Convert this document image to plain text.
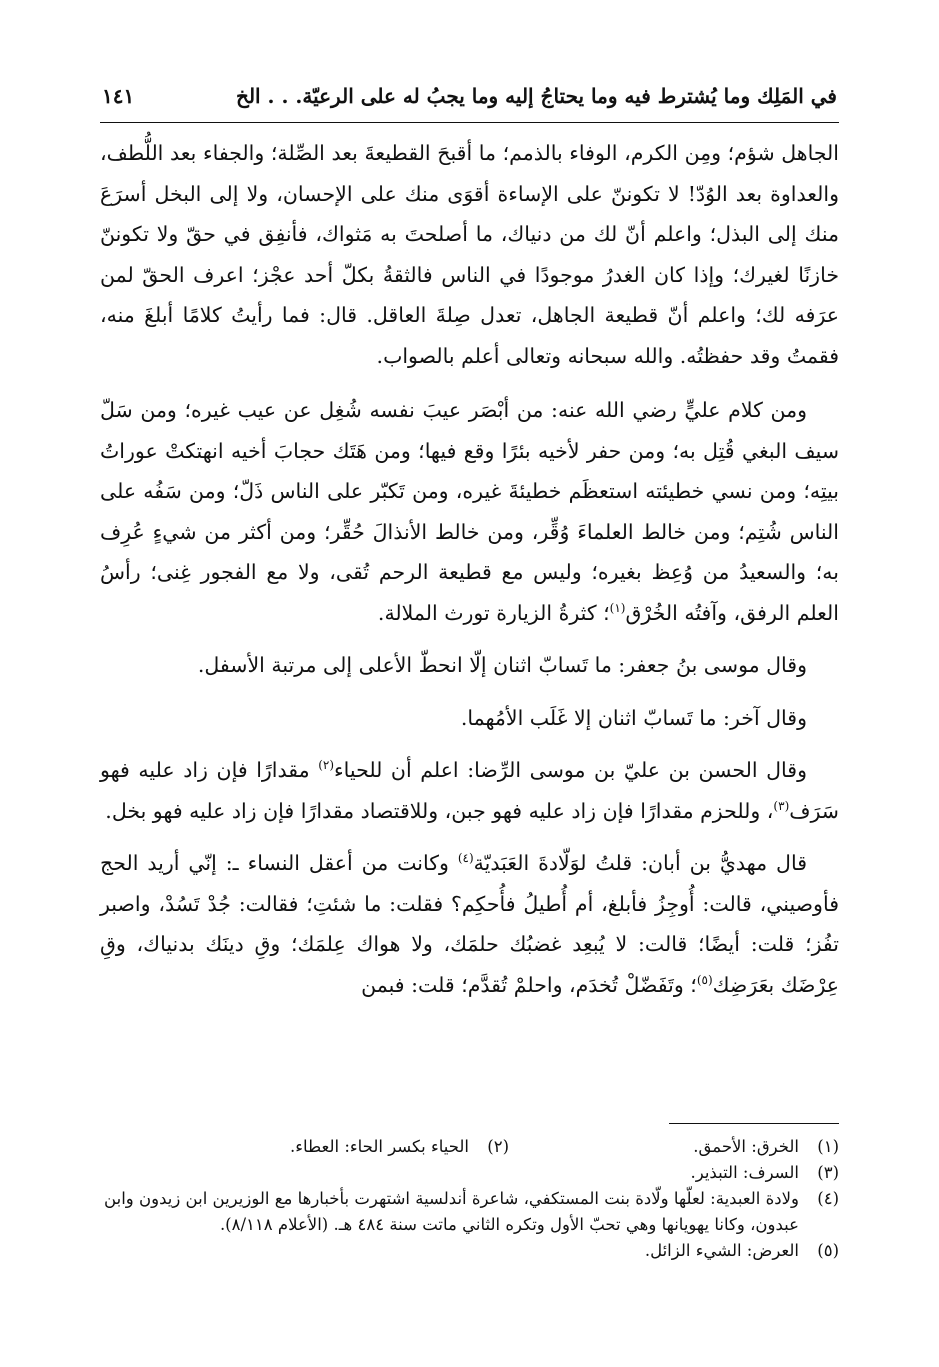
في المَلِك وما يُشترط فيه وما يحتاجُ إليه وما يجبُ له على الرعيّة. . . الخ
١٤١

الجاهل شؤم؛ ومِن الكرم، الوفاء بالذمم؛ ما أقبحَ القطيعةَ بعد الصِّلة؛ والجفاء بعد اللُّطف، والعداوة بعد الوُدّ! لا تكوننّ على الإساءة أقوَى منك على الإحسان، ولا إلى البخل أسرَعَ منك إلى البذل؛ واعلم أنّ لك من دنياك، ما أصلحتَ به مَثواك، فأنفِق في حقّ ولا تكوننّ خازنًا لغيرك؛ وإذا كان الغدرُ موجودًا في الناس فالثقةُ بكلّ أحد عجْز؛ اعرف الحقّ لمن عرَفه لك؛ واعلم أنّ قطيعة الجاهل، تعدل صِلةَ العاقل. قال: فما رأيتُ كلامًا أبلغَ منه، فقمتُ وقد حفظتُه. والله سبحانه وتعالى أعلم بالصواب.

ومن كلام عليٍّ رضي الله عنه: من أبْصَر عيبَ نفسه شُغِل عن عيب غيره؛ ومن سَلّ سيف البغي قُتِل به؛ ومن حفر لأخيه بئرًا وقع فيها؛ ومن هَتَك حجابَ أخيه انهتكتْ عوراتُ بيتِه؛ ومن نسي خطيئته استعظَم خطيئةَ غيره، ومن تَكبّر على الناس ذَلّ؛ ومن سَفُه على الناس شُتِم؛ ومن خالط العلماءَ وُقِّر، ومن خالط الأنذالَ حُقِّر؛ ومن أكثر من شيءٍ عُرِف به؛ والسعيدُ من وُعِظ بغيره؛ وليس مع قطيعة الرحم تُقى، ولا مع الفجور غِنى؛ رأسُ العلم الرفق، وآفتُه الخُرْق$^{(١)}$؛ كثرةُ الزيارة تورث الملالة.

وقال موسى بنُ جعفر: ما تَسابّ اثنان إلّا انحطّ الأعلى إلى مرتبة الأسفل.

وقال آخر: ما تَسابّ اثنان إلا غَلَب الأمُهما.

وقال الحسن بن عليّ بن موسى الرِّضا: اعلم أن للحياء$^{(٢)}$ مقدارًا فإن زاد عليه فهو سَرَف$^{(٣)}$، وللحزم مقدارًا فإن زاد عليه فهو جبن، وللاقتصاد مقدارًا فإن زاد عليه فهو بخل.

قال مهديُّ بن أبان: قلتُ لوَلّادةَ العَبَديّة$^{(٤)}$ وكانت من أعقل النساء ـ: إنّي أريد الحج فأوصيني، قالت: أُوجِزُ فأبلغ، أم أُطيلُ فأُحكِم؟ فقلت: ما شئتِ؛ فقالت: جُدْ تَسُدْ، واصبر تفُز؛ قلت: أيضًا؛ قالت: لا يُبعِد غضبُك حلمَك، ولا هواك عِلمَك؛ وقِ دينَك بدنياك، وقِ عِرْضَك بعَرَضِك$^{(٥)}$؛ وتَفَضّلْ تُخدَم، واحلمْ تُقدَّم؛ قلت: فبمن

(١)
الخرق: الأحمق.
(٢)
الحياء بكسر الحاء: العطاء.
(٣)
السرف: التبذير.
(٤)
ولادة العبدية: لعلّها ولّادة بنت المستكفي، شاعرة أندلسية اشتهرت بأخبارها مع الوزيرين ابن زيدون وابن عبدون، وكانا يهويانها وهي تحبّ الأول وتكره الثاني ماتت سنة ٤٨٤ هـ. (الأعلام ٨/١١٨).
(٥)
العرض: الشيء الزائل.
